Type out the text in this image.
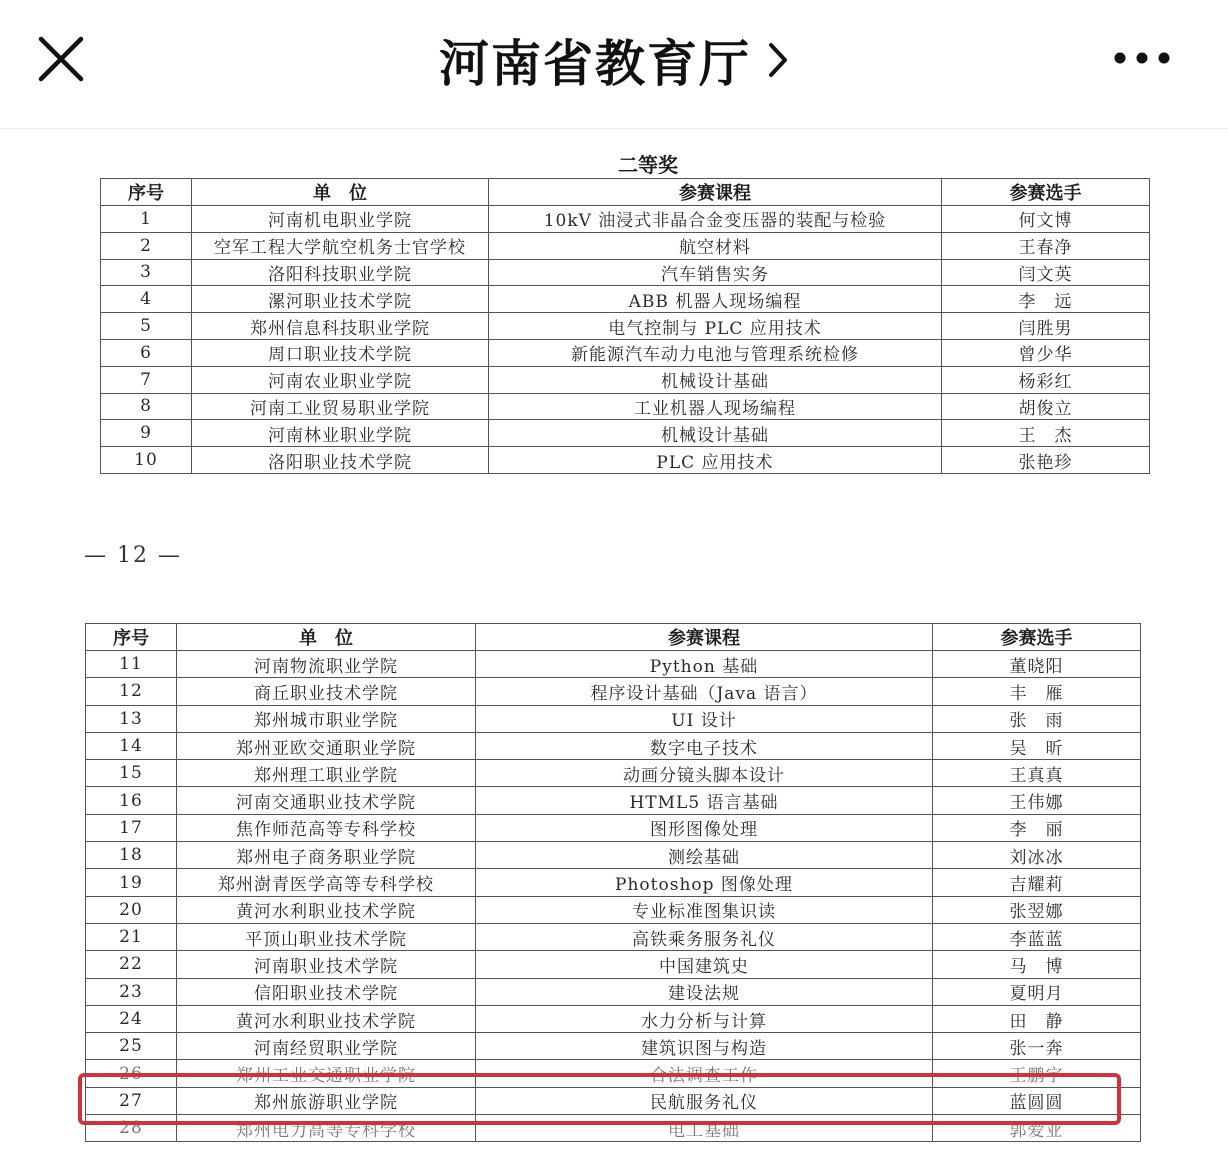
河南省教育厅
二等奖
序号	单　位	参赛课程	参赛选手
1	河南机电职业学院	10kV 油浸式非晶合金变压器的装配与检验	何文博
2	空军工程大学航空机务士官学校	航空材料	王春净
3	洛阳科技职业学院	汽车销售实务	闫文英
4	漯河职业技术学院	ABB 机器人现场编程	李　远
5	郑州信息科技职业学院	电气控制与 PLC 应用技术	闫胜男
6	周口职业技术学院	新能源汽车动力电池与管理系统检修	曾少华
7	河南农业职业学院	机械设计基础	杨彩红
8	河南工业贸易职业学院	工业机器人现场编程	胡俊立
9	河南林业职业学院	机械设计基础	王　杰
10	洛阳职业技术学院	PLC 应用技术	张艳珍
— 12 —
序号	单　位	参赛课程	参赛选手
11	河南物流职业学院	Python 基础	董晓阳
12	商丘职业技术学院	程序设计基础（Java 语言）	丰　雁
13	郑州城市职业学院	UI 设计	张　雨
14	郑州亚欧交通职业学院	数字电子技术	吴　昕
15	郑州理工职业学院	动画分镜头脚本设计	王真真
16	河南交通职业技术学院	HTML5 语言基础	王伟娜
17	焦作师范高等专科学校	图形图像处理	李　丽
18	郑州电子商务职业学院	测绘基础	刘冰冰
19	郑州澍青医学高等专科学校	Photoshop 图像处理	吉耀莉
20	黄河水利职业技术学院	专业标准图集识读	张翌娜
21	平顶山职业技术学院	高铁乘务服务礼仪	李蓝蓝
22	河南职业技术学院	中国建筑史	马　博
23	信阳职业技术学院	建设法规	夏明月
24	黄河水利职业技术学院	水力分析与计算	田　静
25	河南经贸职业学院	建筑识图与构造	张一奔
26	郑州工业交通职业学院	合法调查工作	王鹏宇
27	郑州旅游职业学院	民航服务礼仪	蓝圆圆
28	郑州电力高等专科学校	电工基础	郭爱亚
